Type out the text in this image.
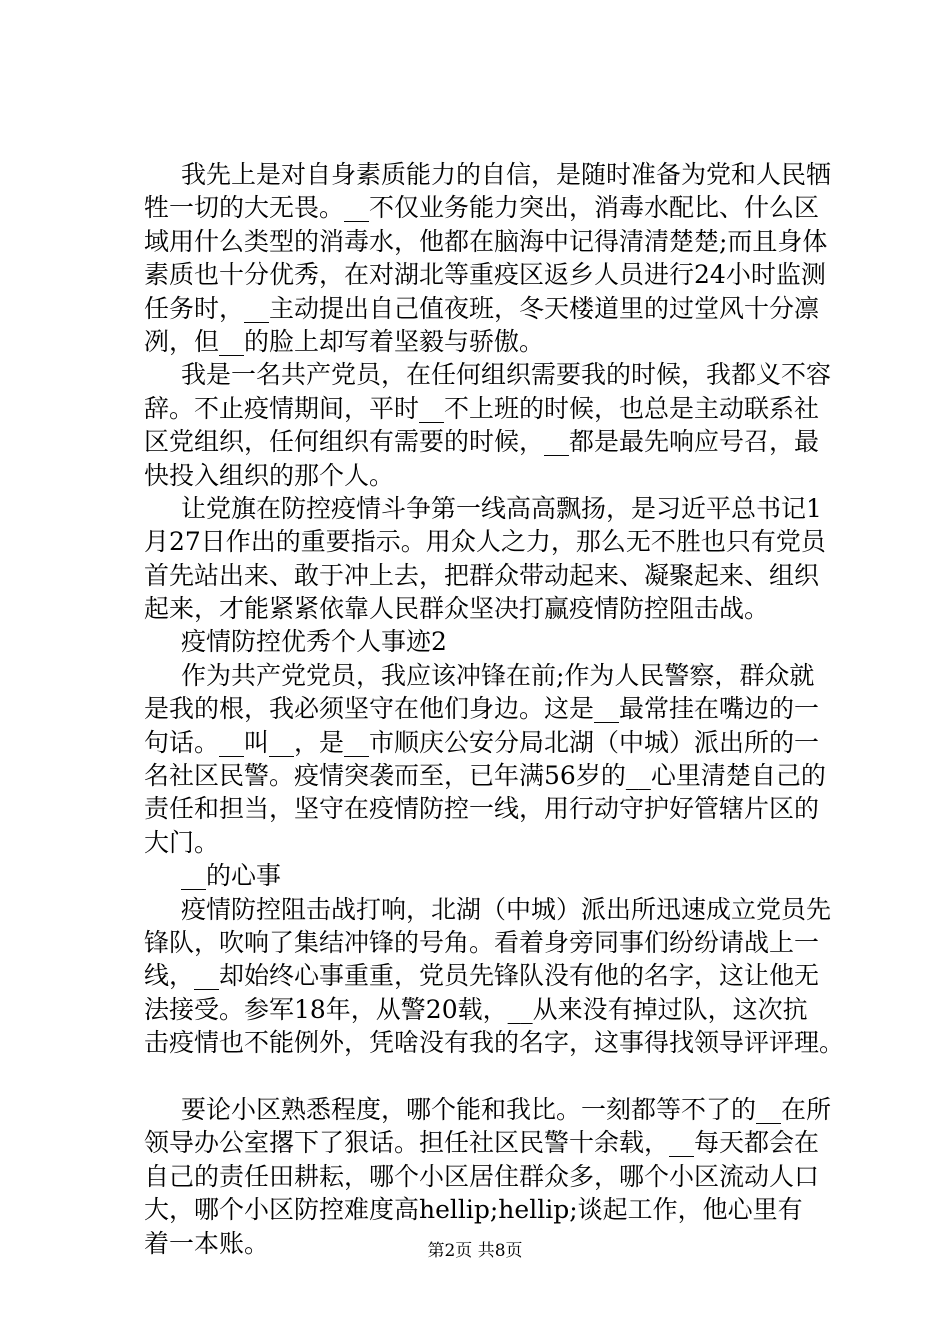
我先上是对自身素质能力的自信，是随时准备为党和人民牺
牲一切的大无畏。__不仅业务能力突出，消毒水配比、什么区
域用什么类型的消毒水，他都在脑海中记得清清楚楚;而且身体
素质也十分优秀，在对湖北等重疫区返乡人员进行24小时监测
任务时，__主动提出自己值夜班，冬天楼道里的过堂风十分凛
冽，但__的脸上却写着坚毅与骄傲。
我是一名共产党员，在任何组织需要我的时候，我都义不容
辞。不止疫情期间，平时__不上班的时候，也总是主动联系社
区党组织，任何组织有需要的时候，__都是最先响应号召，最
快投入组织的那个人。
让党旗在防控疫情斗争第一线高高飘扬，是习近平总书记1
月27日作出的重要指示。用众人之力，那么无不胜也只有党员
首先站出来、敢于冲上去，把群众带动起来、凝聚起来、组织
起来，才能紧紧依靠人民群众坚决打赢疫情防控阻击战。
疫情防控优秀个人事迹2
作为共产党党员，我应该冲锋在前;作为人民警察，群众就
是我的根，我必须坚守在他们身边。这是__最常挂在嘴边的一
句话。__叫__，是__市顺庆公安分局北湖（中城）派出所的一
名社区民警。疫情突袭而至，已年满56岁的__心里清楚自己的
责任和担当，坚守在疫情防控一线，用行动守护好管辖片区的
大门。
__的心事
疫情防控阻击战打响，北湖（中城）派出所迅速成立党员先
锋队，吹响了集结冲锋的号角。看着身旁同事们纷纷请战上一
线，__却始终心事重重，党员先锋队没有他的名字，这让他无
法接受。参军18年，从警20载，__从来没有掉过队，这次抗
击疫情也不能例外，凭啥没有我的名字，这事得找领导评评理。
要论小区熟悉程度，哪个能和我比。一刻都等不了的__在所
领导办公室撂下了狠话。担任社区民警十余载，__每天都会在
自己的责任田耕耘，哪个小区居住群众多，哪个小区流动人口
大，哪个小区防控难度高hellip;hellip;谈起工作，他心里有
着一本账。	第2页 共8页
